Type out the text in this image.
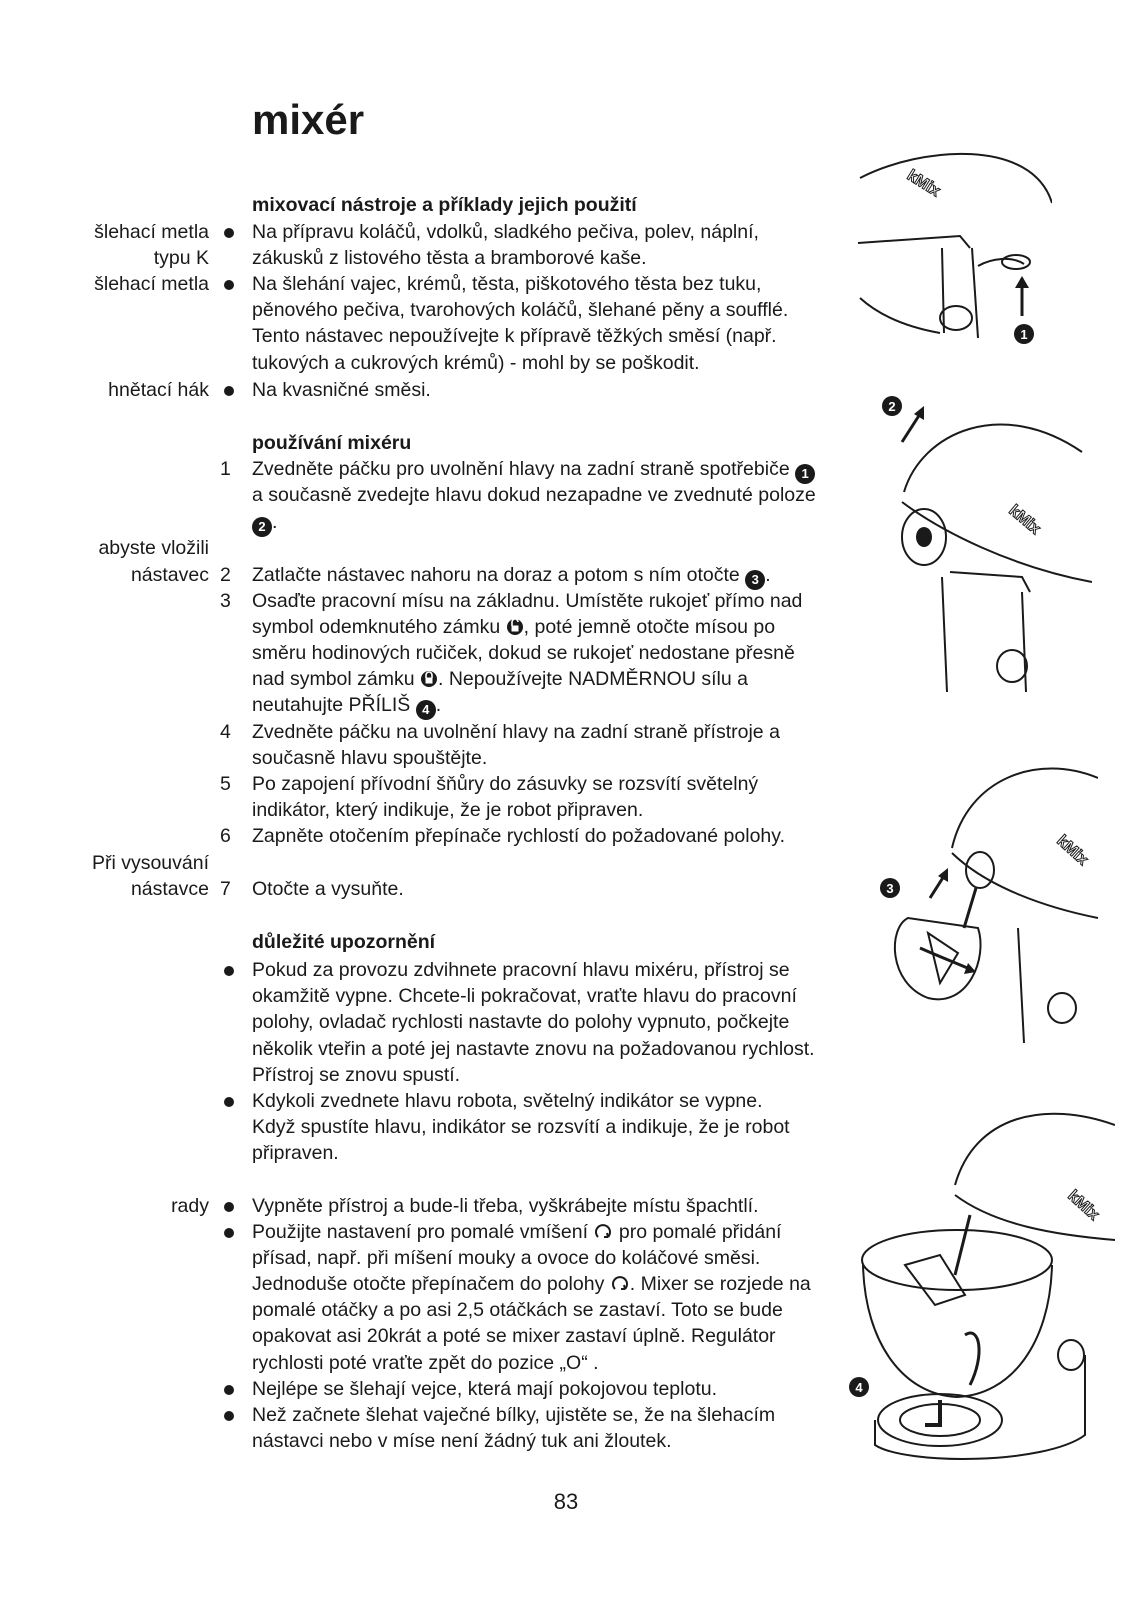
mixér
mixovací nástroje a příklady jejich použití
šlehací metla
typu K
šlehací metla
hnětací hák
Na přípravu koláčů, vdolků, sladkého pečiva, polev, náplní,
zákusků z listového těsta a bramborové kaše.
Na šlehání vajec, krémů, těsta, piškotového těsta bez tuku,
pěnového pečiva, tvarohových koláčů, šlehané pěny a soufflé.
Tento nástavec nepoužívejte k přípravě těžkých směsí (např.
tukových a cukrových krémů) - mohl by se poškodit.
Na kvasničné směsi.
používání mixéru
1 Zvedněte páčku pro uvolnění hlavy na zadní straně spotřebiče 1
a současně zvedejte hlavu dokud nezapadne ve zvednuté poloze
2 .
abyste vložili
nástavec 2 Zatlačte nástavec nahoru na doraz a potom s ním otočte 3 .
3 Osaďte pracovní mísu na základnu. Umístěte rukojeť přímo nad
symbol odemknutého zámku , poté jemně otočte mísou po
směru hodinových ručiček, dokud se rukojeť nedostane přesně
nad symbol zámku . Nepoužívejte NADMĚRNOU sílu a
neutahujte PŘÍLIŠ 4 .
4 Zvedněte páčku na uvolnění hlavy na zadní straně přístroje a
současně hlavu spouštějte.
5 Po zapojení přívodní šňůry do zásuvky se rozsvítí světelný
indikátor, který indikuje, že je robot připraven.
6 Zapněte otočením přepínače rychlostí do požadované polohy.
Při vysouvání
nástavce 7 Otočte a vysuňte.
důležité upozornění
Pokud za provozu zdvihnete pracovní hlavu mixéru, přístroj se
okamžitě vypne. Chcete-li pokračovat, vraťte hlavu do pracovní
polohy, ovladač rychlosti nastavte do polohy vypnuto, počkejte
několik vteřin a poté jej nastavte znovu na požadovanou rychlost.
Přístroj se znovu spustí.
Kdykoli zvednete hlavu robota, světelný indikátor se vypne.
Když spustíte hlavu, indikátor se rozsvítí a indikuje, že je robot
připraven.
rady Vypněte přístroj a bude-li třeba, vyškrábejte místu špachtlí.
Použijte nastavení pro pomalé vmíšení pro pomalé přidání
přísad, např. při míšení mouky a ovoce do koláčové směsi.
Jednoduše otočte přepínačem do polohy . Mixer se rozjede na
pomalé otáčky a po asi 2,5 otáčkách se zastaví. Toto se bude
opakovat asi 20krát a poté se mixer zastaví úplně. Regulátor
rychlosti poté vraťte zpět do pozice „O“ .
Nejlépe se šlehají vejce, která mají pokojovou teplotu.
Než začnete šlehat vaječné bílky, ujistěte se, že na šlehacím
nástavci nebo v míse není žádný tuk ani žloutek.
83
kMix
1
2
kMix
3
kMix
4
kMix
